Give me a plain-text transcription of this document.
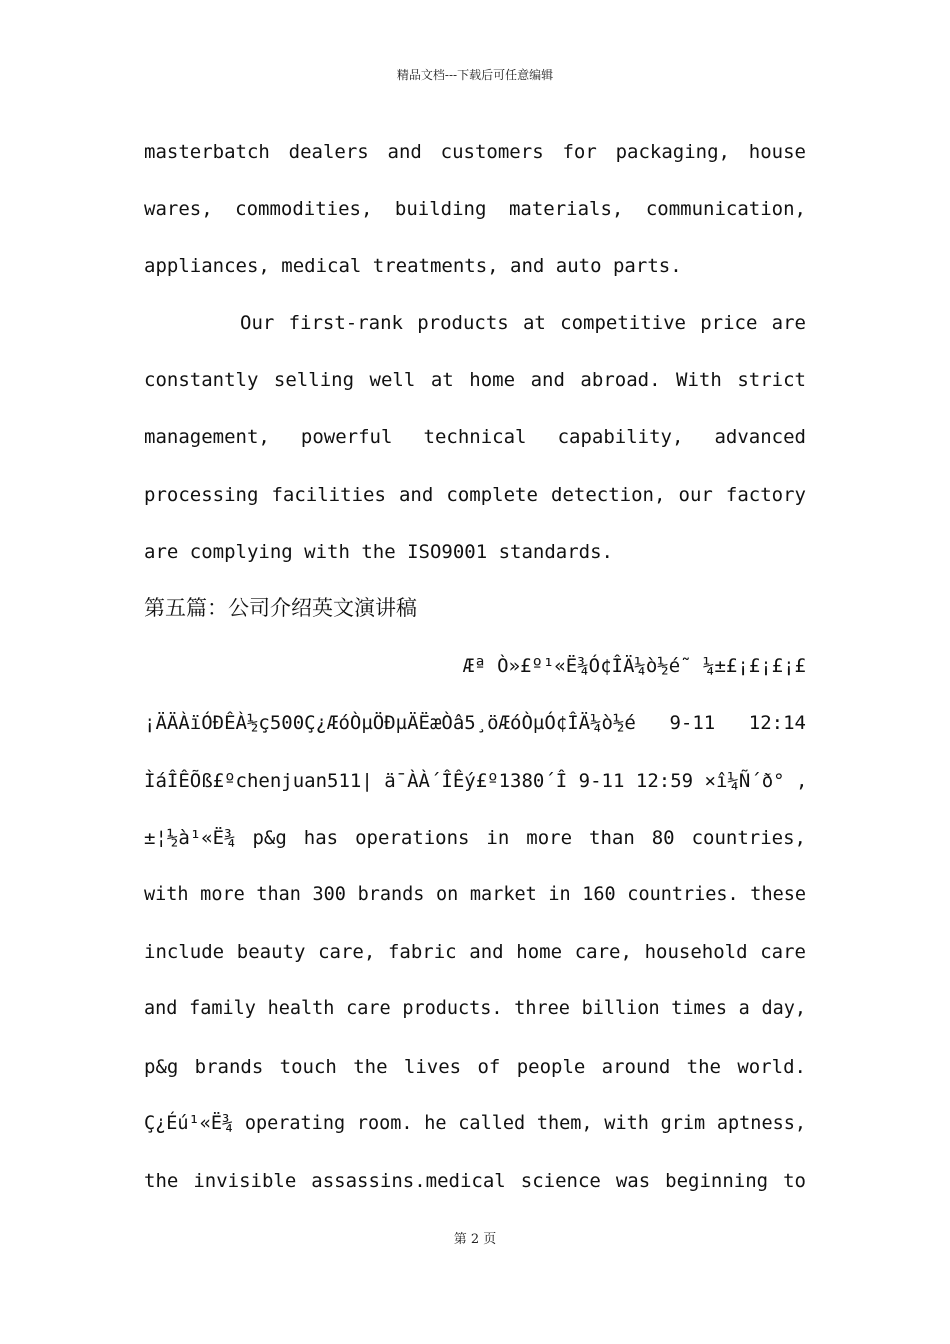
精品文档---下载后可任意编辑
masterbatch dealers and customers for packaging, house
wares, commodities, building materials, communication,
appliances, medical treatments, and auto parts.
Our first-rank products at competitive price are
constantly selling well at home and abroad. With strict
management, powerful technical capability, advanced
processing facilities and complete detection, our factory
are complying with the ISO9001 standards.
第五篇：公司介绍英文演讲稿
Æª Ò»£º¹«Ë¾Ó¢ÎÄ¼ò½é˜ ¼±£¡£¡£¡£
¡ÄÄÀïÓÐÊÀ½ç500Ç¿ÆóÒµÖÐµÄËæÒâ5¸öÆóÒµÓ¢ÎÄ¼ò½é 9-11 12:14
ÌáÎÊÕß£ºchenjuan511| ä¯ÀÀ´ÎÊý£º1380´Î 9-11 12:59 ×î¼Ñ´ð° ,
±¦½à¹«Ë¾ p&g has operations in more than 80 countries,
with more than 300 brands on market in 160 countries. these
include beauty care, fabric and home care, household care
and family health care products. three billion times a day,
p&g brands touch the lives of people around the world.
Ç¿Éú¹«Ë¾ operating room. he called them, with grim aptness,
the invisible assassins.medical science was beginning to
第 2 页
